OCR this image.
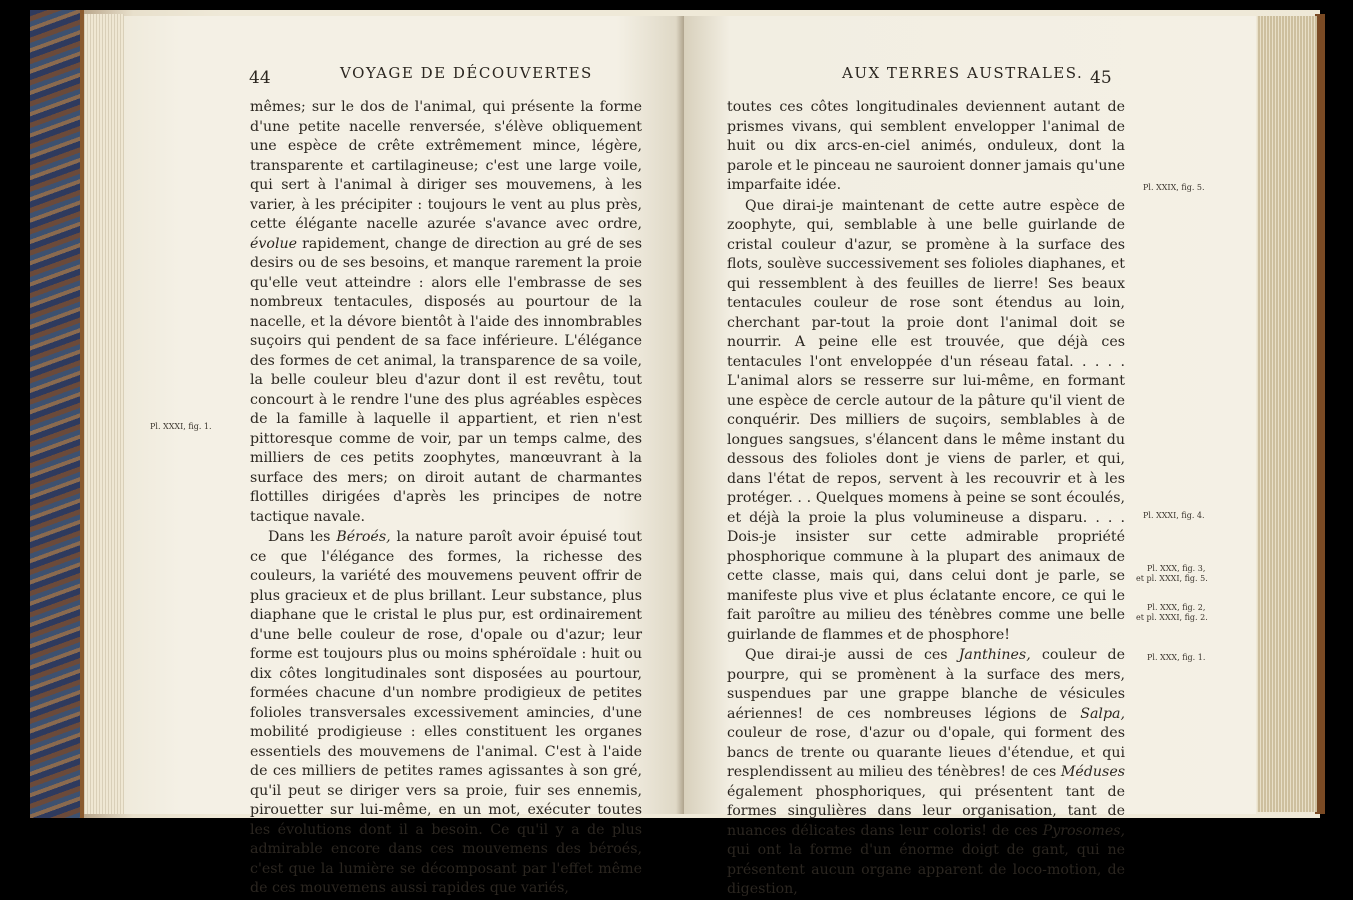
44	VOYAGE DE DÉCOUVERTES

mêmes; sur le dos de l'animal, qui présente la forme d'une petite nacelle renversée, s'élève obliquement une espèce de crête extrêmement mince, légère, transparente et cartilagineuse; c'est une large voile, qui sert à l'animal à diriger ses mouvemens, à les varier, à les précipiter : toujours le vent au plus près, cette élégante nacelle azurée s'avance avec ordre, évolue rapidement, change de direction au gré de ses desirs ou de ses besoins, et manque rarement la proie qu'elle veut atteindre : alors elle l'embrasse de ses nombreux tentacules, disposés au pourtour de la nacelle, et la dévore bientôt à l'aide des innombrables suçoirs qui pendent de sa face inférieure. L'élégance des formes de cet animal, la transparence de sa voile, la belle couleur bleu d'azur dont il est revêtu, tout concourt à le rendre l'une des plus agréables espèces de la famille à laquelle il appartient, et rien n'est pittoresque comme de voir, par un temps calme, des milliers de ces petits zoophytes, manœuvrant à la surface des mers; on diroit autant de charmantes flottilles dirigées d'après les principes de notre tactique navale.

Dans les Béroés, la nature paroît avoir épuisé tout ce que l'élégance des formes, la richesse des couleurs, la variété des mouvemens peuvent offrir de plus gracieux et de plus brillant. Leur substance, plus diaphane que le cristal le plus pur, est ordinairement d'une belle couleur de rose, d'opale ou d'azur; leur forme est toujours plus ou moins sphéroïdale : huit ou dix côtes longitudinales sont disposées au pourtour, formées chacune d'un nombre prodigieux de petites folioles transversales excessivement amincies, d'une mobilité prodigieuse : elles constituent les organes essentiels des mouvemens de l'animal. C'est à l'aide de ces milliers de petites rames agissantes à son gré, qu'il peut se diriger vers sa proie, fuir ses ennemis, pirouetter sur lui-même, en un mot, exécuter toutes les évolutions dont il a besoin. Ce qu'il y a de plus admirable encore dans ces mouvemens des béroés, c'est que la lumière se décomposant par l'effet même de ces mouvemens aussi rapides que variés,

Pl. XXXI, fig. 1.
AUX TERRES AUSTRALES. 45

toutes ces côtes longitudinales deviennent autant de prismes vivans, qui semblent envelopper l'animal de huit ou dix arcs-en-ciel animés, onduleux, dont la parole et le pinceau ne sauroient donner jamais qu'une imparfaite idée.

Que dirai-je maintenant de cette autre espèce de zoophyte, qui, semblable à une belle guirlande de cristal couleur d'azur, se promène à la surface des flots, soulève successivement ses folioles diaphanes, et qui ressemblent à des feuilles de lierre! Ses beaux tentacules couleur de rose sont étendus au loin, cherchant par-tout la proie dont l'animal doit se nourrir. A peine elle est trouvée, que déjà ces tentacules l'ont enveloppée d'un réseau fatal. . . . . L'animal alors se resserre sur lui-même, en formant une espèce de cercle autour de la pâture qu'il vient de conquérir. Des milliers de suçoirs, semblables à de longues sangsues, s'élancent dans le même instant du dessous des folioles dont je viens de parler, et qui, dans l'état de repos, servent à les recouvrir et à les protéger. . . Quelques momens à peine se sont écoulés, et déjà la proie la plus volumineuse a disparu. . . . Dois-je insister sur cette admirable propriété phosphorique commune à la plupart des animaux de cette classe, mais qui, dans celui dont je parle, se manifeste plus vive et plus éclatante encore, ce qui le fait paroître au milieu des ténèbres comme une belle guirlande de flammes et de phosphore!

Que dirai-je aussi de ces Janthines, couleur de pourpre, qui se promènent à la surface des mers, suspendues par une grappe blanche de vésicules aériennes! de ces nombreuses légions de Salpa, couleur de rose, d'azur ou d'opale, qui forment des bancs de trente ou quarante lieues d'étendue, et qui resplendissent au milieu des ténèbres! de ces Méduses également phosphoriques, qui présentent tant de formes singulières dans leur organisation, tant de nuances délicates dans leur coloris! de ces Pyrosomes, qui ont la forme d'un énorme doigt de gant, qui ne présentent aucun organe apparent de loco-motion, de digestion,

Pl. XXIX, fig. 5.
Pl. XXXI, fig. 4.
Pl. XXX, fig. 3,
et pl. XXXI, fig. 5.
Pl. XXX, fig. 2,
et pl. XXXI, fig. 2.
Pl. XXX, fig. 1.
